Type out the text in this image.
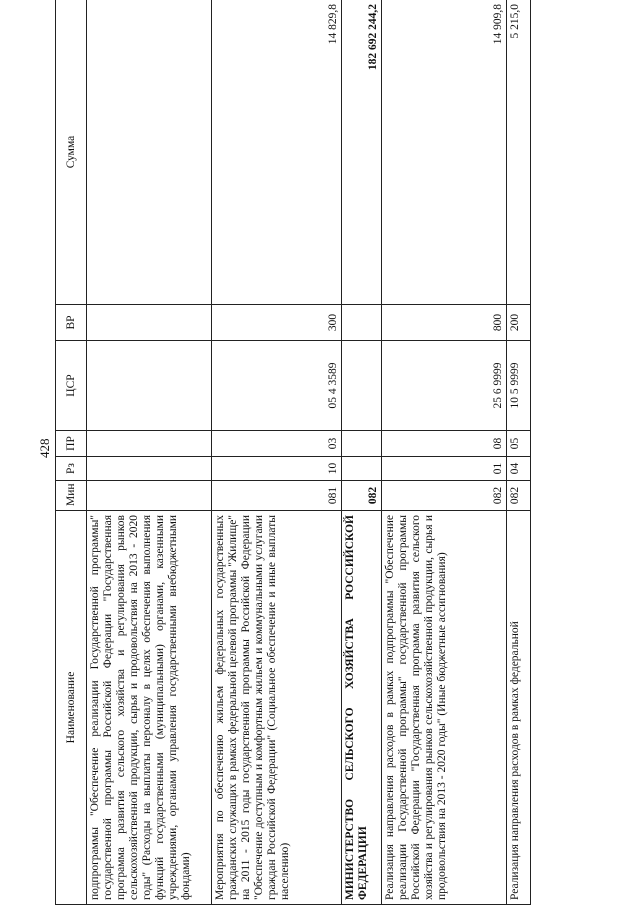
428
Наименование	Мин	Рз	ПР	ЦСР	ВР	Сумма
подпрограммы "Обеспечение реализации Государственной программы" государственной программы Российской Федерации "Государственная программа развития сельского хозяйства и регулирования рынков сельскохозяйственной продукции, сырья и продовольствия на 2013 - 2020 годы" (Расходы на выплаты персоналу в целях обеспечения выполнения функций государственными (муниципальными) органами, казенными учреждениями, органами управления государственными внебюджетными фондами)						
Мероприятия по обеспечению жильем федеральных государственных гражданских служащих в рамках федеральной целевой программы "Жилище" на 2011 - 2015 годы государственной программы Российской Федерации "Обеспечение доступным и комфортным жильем и коммунальными услугами граждан Российской Федерации" (Социальное обеспечение и иные выплаты населению)	081	10	03	05 4 3589	300	14 829,8
МИНИСТЕРСТВО СЕЛЬСКОГО ХОЗЯЙСТВА РОССИЙСКОЙ ФЕДЕРАЦИИ	082					182 692 244,2
Реализация направления расходов в рамках подпрограммы "Обеспечение реализации Государственной программы" государственной программы Российской Федерации "Государственная программа развития сельского хозяйства и регулирования рынков сельскохозяйственной продукции, сырья и продовольствия на 2013 - 2020 годы" (Иные бюджетные ассигнования)	082	01	08	25 6 9999	800	14 909,8
Реализация направления расходов в рамках федеральной	082	04	05	10 5 9999	200	5 215,0
